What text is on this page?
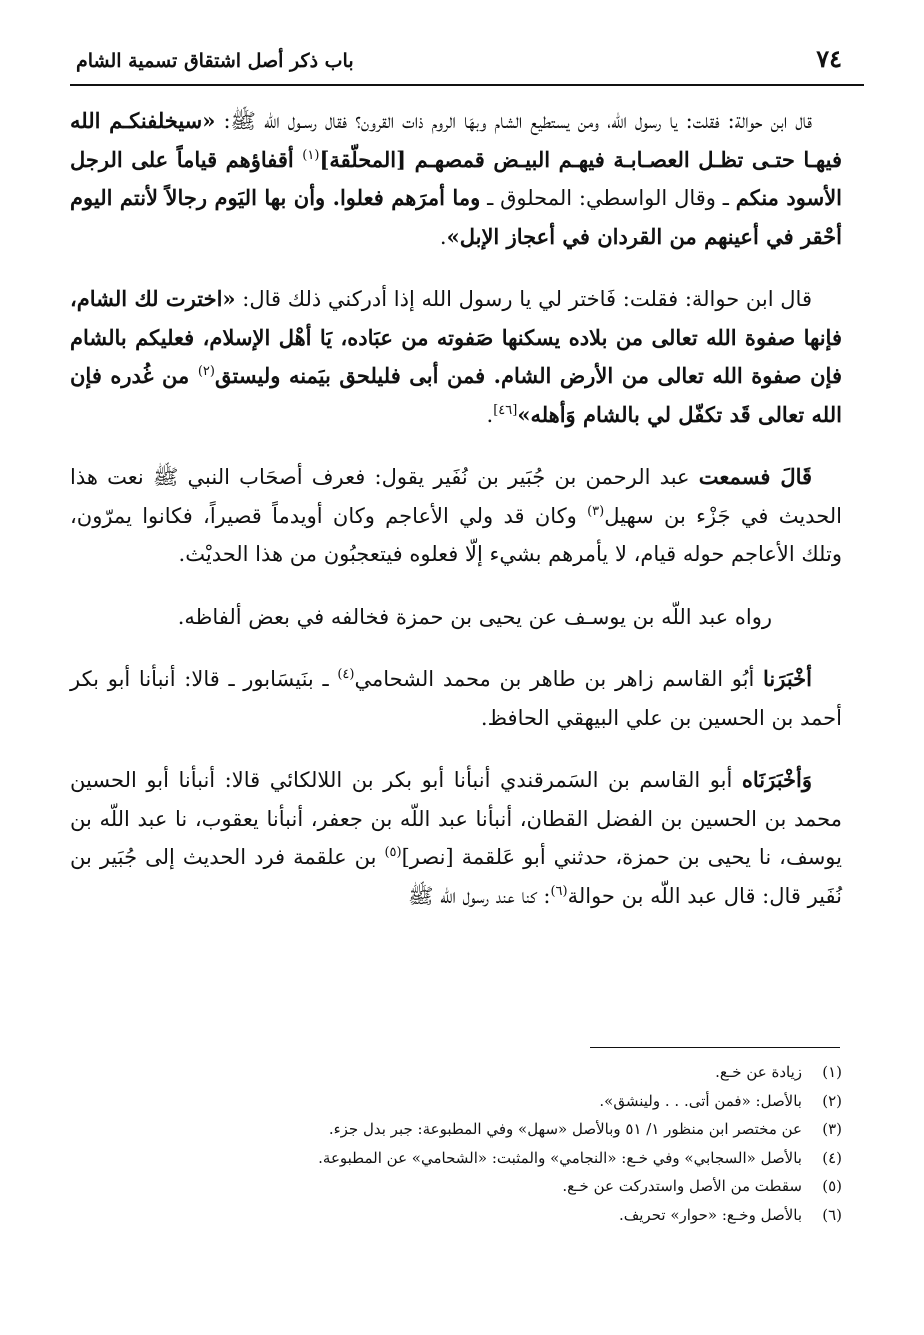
٧٤
باب ذكر أصل اشتقاق تسمية الشام

قال ابن حوالة: فقلت: يا رسول الله، ومن يستطيع الشام وبهَا الروم ذات القرون؟ فقال رسـول الله ﷺ: «سيخلفنكـم الله فيهـا حتـى تظـل العصـابـة فيهـم البيـض قمصهـم [المحلّقة]$^{(١)}$ أقفاؤهم قياماً على الرجل الأسود منكم ـ وقال الواسطي: المحلوق ـ وما أمرَهم فعلوا. وأن بها اليَوم رجالاً لأنتم اليوم أحْقر في أعينهم من القردان في أعجاز الإبل».

قال ابن حوالة: فقلت: فَاختر لي يا رسول الله إذا أدركني ذلك قال: «اخترت لك الشام، فإنها صفوة الله تعالى من بلاده يسكنها صَفوته من عبَاده، يَا أهْل الإسلام، فعليكم بالشام فإن صفوة الله تعالى من الأرض الشام. فمن أبى فليلحق بيَمنه وليستق$^{(٢)}$ من غُدره فإن الله تعالى قَد تكفّل لي بالشام وَأهله»[٤٦].

قَالَ فسمعت عبد الرحمن بن جُبَير بن نُفَير يقول: فعرف أصحَاب النبي ﷺ نعت هذا الحديث في جَزْء بن سهيل$^{(٣)}$ وكان قد ولي الأعاجم وكان أويدماً قصيراً، فكانوا يمرّون، وتلك الأعاجم حوله قيام، لا يأمرهم بشيء إلّا فعلوه فيتعجبُون من هذا الحديْث.

رواه عبد اللّه بن يوسـف عن يحيى بن حمزة فخالفه في بعض ألفاظه.

أخْبَرَنا أبُو القاسم زاهر بن طاهر بن محمد الشحامي$^{(٤)}$ ـ بنَيسَابور ـ قالا: أنبأنا أبو بكر أحمد بن الحسين بن علي البيهقي الحافظ.

وَأخْبَرَنَاه أبو القاسم بن السَمرقندي أنبأنا أبو بكر بن اللالكائي قالا: أنبأنا أبو الحسين محمد بن الحسين بن الفضل القطان، أنبأنا عبد اللّه بن جعفر، أنبأنا يعقوب، نا عبد اللّه بن يوسف، نا يحيى بن حمزة، حدثني أبو عَلقمة [نصر]$^{(٥)}$ بن علقمة فرد الحديث إلى جُبَير بن نُفَير قال: قال عبد اللّه بن حوالة$^{(٦)}$: كنا عند رسول الله ﷺ

(١)
زيادة عن خـع.
(٢)
بالأصل: «فمن أتى. . . ولينشق».
(٣)
عن مختصر ابن منظور ١/ ٥١ وبالأصل «سهل» وفي المطبوعة: جبر بدل جزء.
(٤)
بالأصل «السجابي» وفي خـع: «النجامي» والمثبت: «الشحامي» عن المطبوعة.
(٥)
سقطت من الأصل واستدركت عن خـع.
(٦)
بالأصل وخـع: «حوار» تحريف.
